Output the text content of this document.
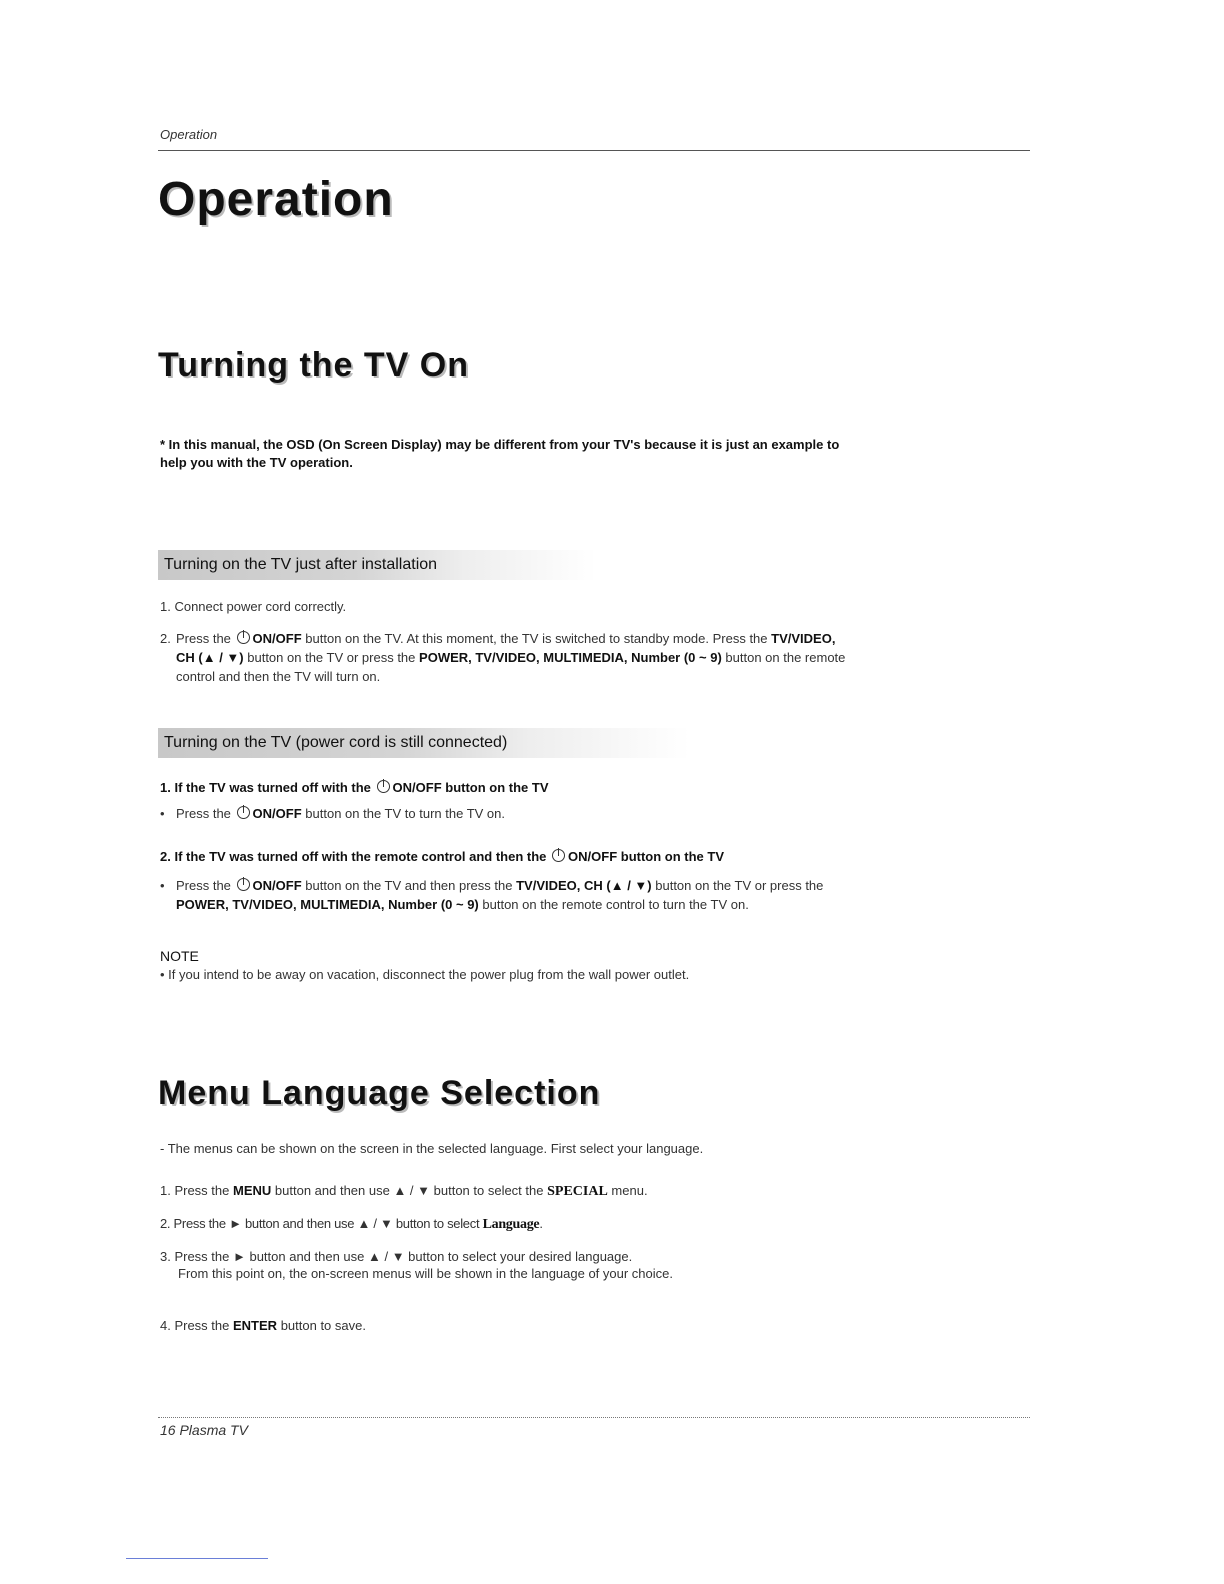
Operation
Operation
Turning the TV On
* In this manual, the OSD (On Screen Display) may be different from your TV's because it is just an example to help you with the TV operation.
Turning on the TV just after installation
1. Connect power cord correctly.
2. Press the ON/OFF button on the TV. At this moment, the TV is switched to standby mode. Press the TV/VIDEO, CH (▲ / ▼) button on the TV or press the POWER, TV/VIDEO, MULTIMEDIA, Number (0 ~ 9) button on the remote control and then the TV will turn on.
Turning on the TV (power cord is still connected)
1. If the TV was turned off with the ON/OFF button on the TV
• Press the ON/OFF button on the TV to turn the TV on.
2. If the TV was turned off with the remote control and then the ON/OFF button on the TV
• Press the ON/OFF button on the TV and then press the TV/VIDEO, CH (▲ / ▼) button on the TV or press the POWER, TV/VIDEO, MULTIMEDIA, Number (0 ~ 9) button on the remote control to turn the TV on.
NOTE
• If you intend to be away on vacation, disconnect the power plug from the wall power outlet.
Menu Language Selection
- The menus can be shown on the screen in the selected language. First select your language.
1. Press the MENU button and then use ▲ / ▼ button to select the SPECIAL menu.
2. Press the ► button and then use ▲ / ▼ button to select Language.
3. Press the ► button and then use ▲ / ▼ button to select your desired language.
From this point on, the on-screen menus will be shown in the language of your choice.
4. Press the ENTER button to save.
16 Plasma TV
